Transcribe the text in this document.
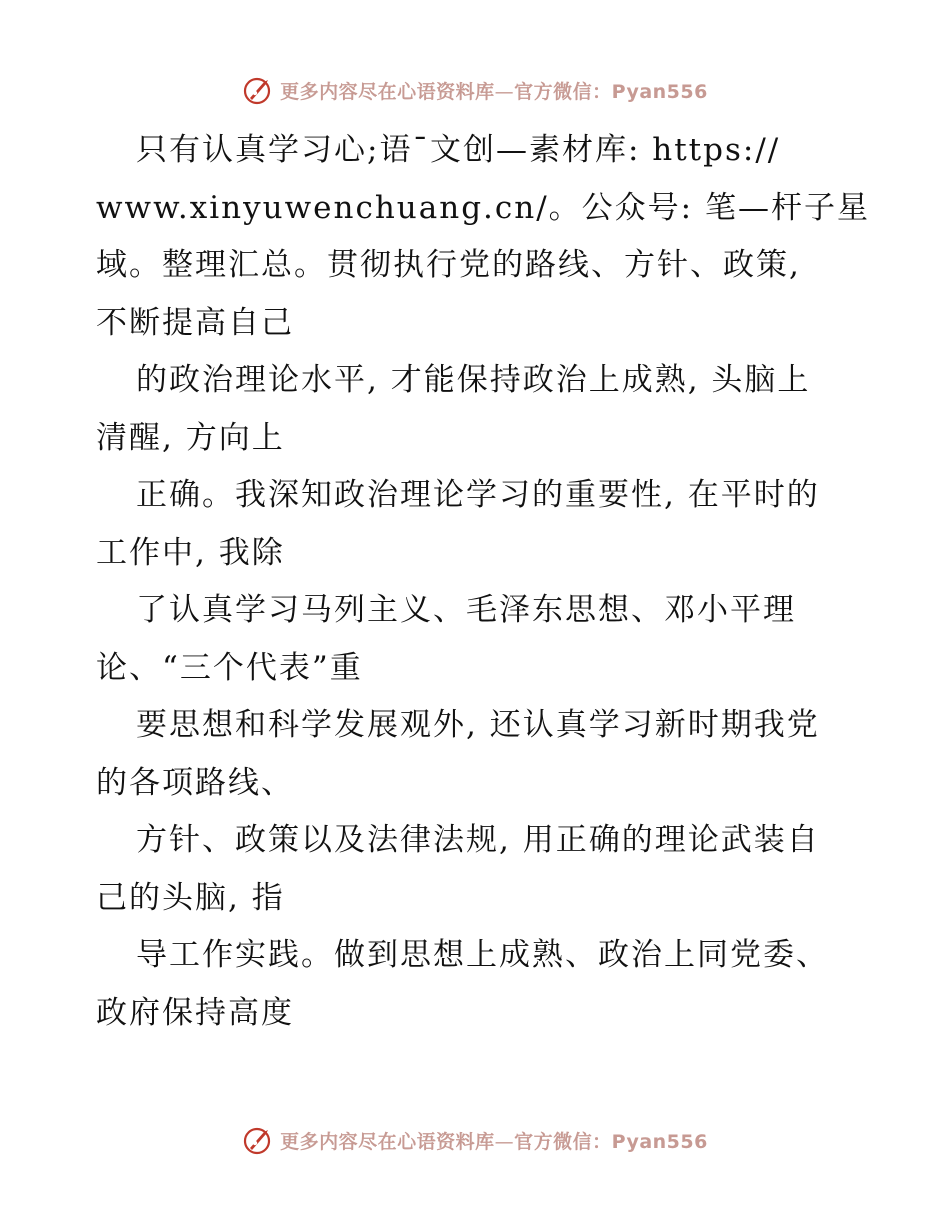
更多内容尽在心语资料库—官方微信：Pyan556
只有认真学习心;语¯文创—素材库: https://
www.xinyuwenchuang.cn/。公众号: 笔—杆子星
域。整理汇总。贯彻执行党的路线、方针、政策,
不断提高自己
的政治理论水平, 才能保持政治上成熟, 头脑上
清醒, 方向上
正确。我深知政治理论学习的重要性, 在平时的
工作中, 我除
了认真学习马列主义、毛泽东思想、邓小平理
论、“三个代表”重
要思想和科学发展观外, 还认真学习新时期我党
的各项路线、
方针、政策以及法律法规, 用正确的理论武装自
己的头脑, 指
导工作实践。做到思想上成熟、政治上同党委、
政府保持高度
更多内容尽在心语资料库—官方微信：Pyan556
